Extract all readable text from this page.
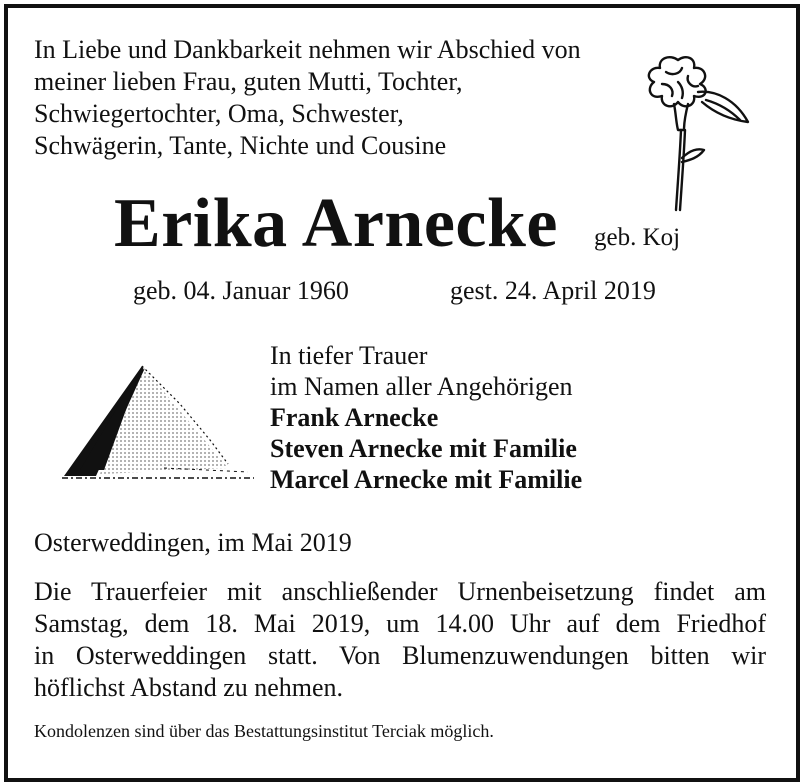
In Liebe und Dankbarkeit nehmen wir Abschied von
meiner lieben Frau, guten Mutti, Tochter,
Schwiegertochter, Oma, Schwester,
Schwägerin, Tante, Nichte und Cousine
Erika Arnecke geb. Koj
geb. 04. Januar 1960	gest. 24. April 2019
In tiefer Trauer
im Namen aller Angehörigen
Frank Arnecke
Steven Arnecke mit Familie
Marcel Arnecke mit Familie
Osterweddingen, im Mai 2019
Die Trauerfeier mit anschließender Urnenbeisetzung findet am
Samstag, dem 18. Mai 2019, um 14.00 Uhr auf dem Friedhof
in Osterweddingen statt. Von Blumenzuwendungen bitten wir
höflichst Abstand zu nehmen.
Kondolenzen sind über das Bestattungsinstitut Terciak möglich.
